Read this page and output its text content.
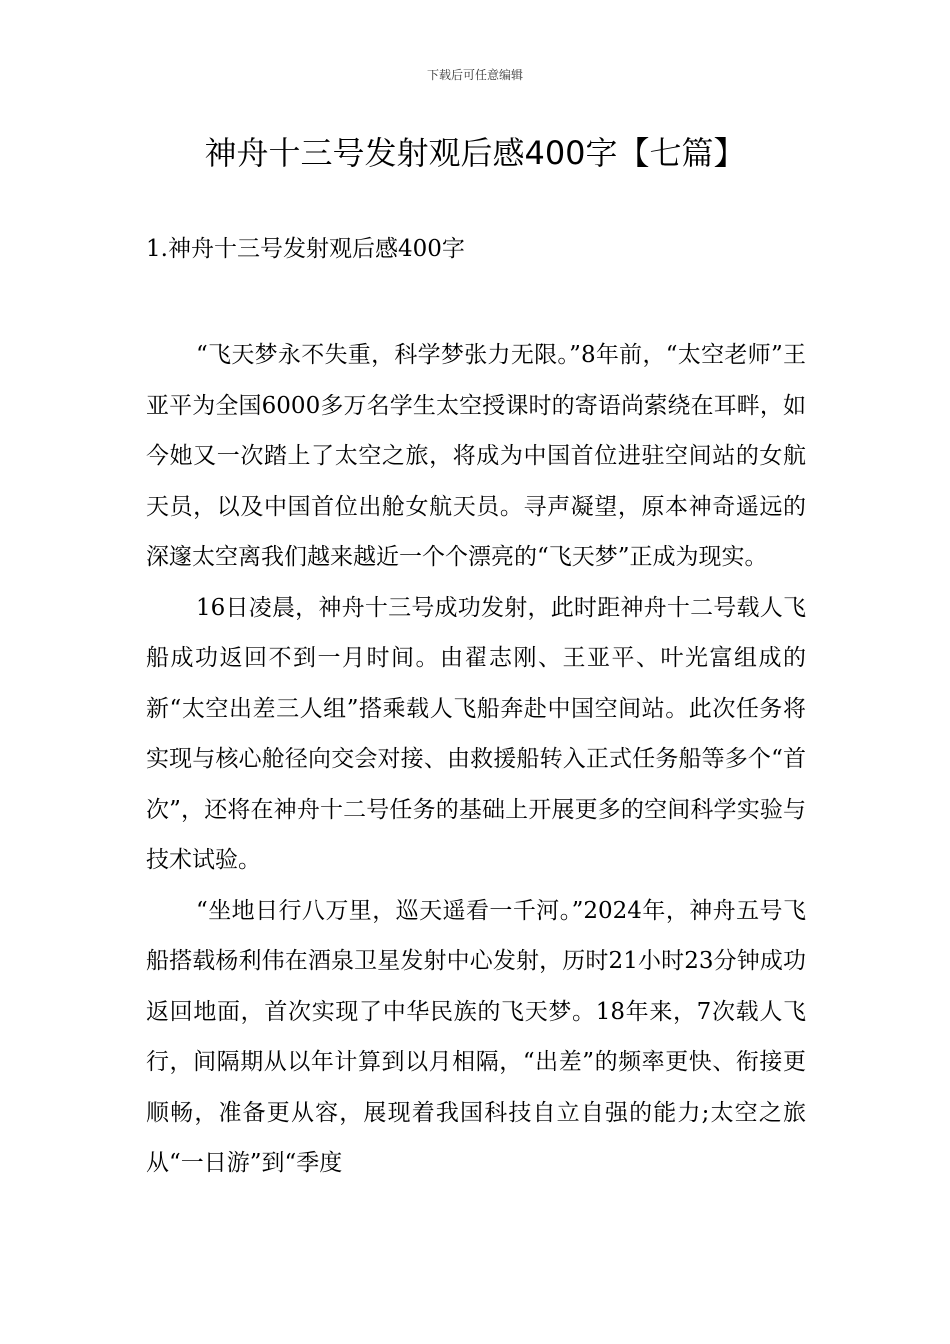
下载后可任意编辑
神舟十三号发射观后感400字【七篇】
1.神舟十三号发射观后感400字

“飞天梦永不失重，科学梦张力无限。”8年前，“太空老师”王亚平为全国6000多万名学生太空授课时的寄语尚萦绕在耳畔，如今她又一次踏上了太空之旅，将成为中国首位进驻空间站的女航天员，以及中国首位出舱女航天员。寻声凝望，原本神奇遥远的深邃太空离我们越来越近一个个漂亮的“飞天梦”正成为现实。

16日凌晨，神舟十三号成功发射，此时距神舟十二号载人飞船成功返回不到一月时间。由翟志刚、王亚平、叶光富组成的新“太空出差三人组”搭乘载人飞船奔赴中国空间站。此次任务将实现与核心舱径向交会对接、由救援船转入正式任务船等多个“首次”，还将在神舟十二号任务的基础上开展更多的空间科学实验与技术试验。

“坐地日行八万里，巡天遥看一千河。”2024年，神舟五号飞船搭载杨利伟在酒泉卫星发射中心发射，历时21小时23分钟成功返回地面，首次实现了中华民族的飞天梦。18年来，7次载人飞行，间隔期从以年计算到以月相隔，“出差”的频率更快、衔接更顺畅，准备更从容，展现着我国科技自立自强的能力;太空之旅从“一日游”到“季度
